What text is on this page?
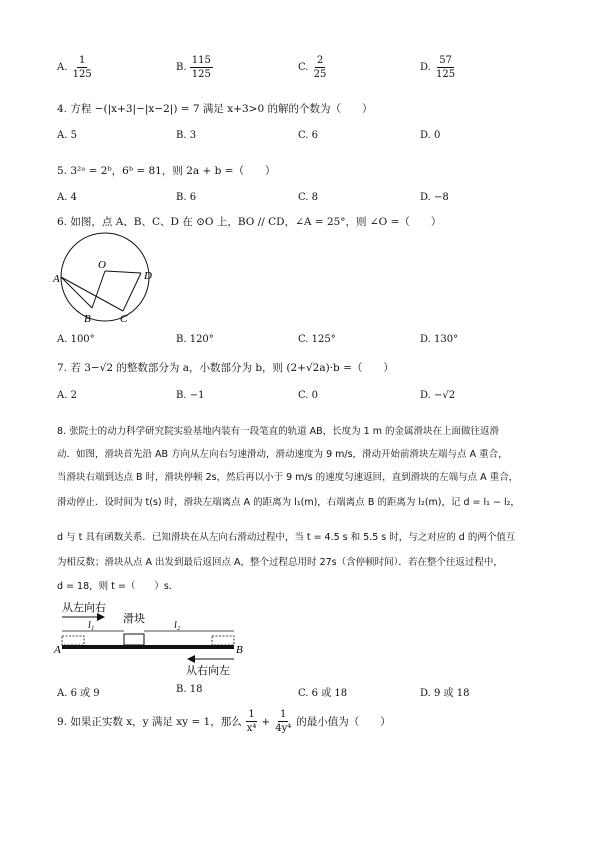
A. $\frac{1}{125}$	B. $\frac{115}{125}$	C. $\frac{2}{25}$	D. $\frac{57}{125}$
4. 方程 −(|x+3|−|x−2|) = 7 满足 x+3>0 的解的个数为（　　）
A. 5	B. 3	C. 6	D. 0
5. 3²ᵃ = 2ᵇ，6ᵇ = 81，则 2a + b =（　　）
A. 4	B. 6	C. 8	D. −8
6. 如图，点 A、B、C、D 在 ⊙O 上，BO // CD，∠A = 25°，则 ∠O =（　　）
A
O
D
B	C
A. 100°	B. 120°	C. 125°	D. 130°
7. 若 3−√2 的整数部分为 a，小数部分为 b，则 (2+√2a)·b =（　　）
A. 2	B. −1	C. 0	D. −√2
8. 张院士的动力科学研究院实验基地内装有一段笔直的轨道 AB，长度为 1 m 的金属滑块在上面做往返滑
动．如图，滑块首先沿 AB 方向从左向右匀速滑动，滑动速度为 9 m/s，滑动开始前滑块左端与点 A 重合，
当滑块右端到达点 B 时，滑块停顿 2s，然后再以小于 9 m/s 的速度匀速返回，直到滑块的左端与点 A 重合，
滑动停止．设时间为 t(s) 时，滑块左端离点 A 的距离为 l₁(m)，右端离点 B 的距离为 l₂(m)，记 d = l₁ − l₂，
d 与 t 具有函数关系．已知滑块在从左向右滑动过程中，当 t = 4.5 s 和 5.5 s 时，与之对应的 d 的两个值互
为相反数；滑块从点 A 出发到最后返回点 A，整个过程总用时 27s（含停顿时间）．若在整个往返过程中，
d = 18，则 t =（　　）s．
从左向右
l₁
滑块
l₂
A	B
从右向左
A. 6 或 9	B. 18	C. 6 或 18	D. 9 或 18
9. 如果正实数 x，y 满足 xy = 1，那么 $\frac{1}{\text{x⁴}} + \frac{1}{\text{4y⁴}}$ 的最小值为（　　）
